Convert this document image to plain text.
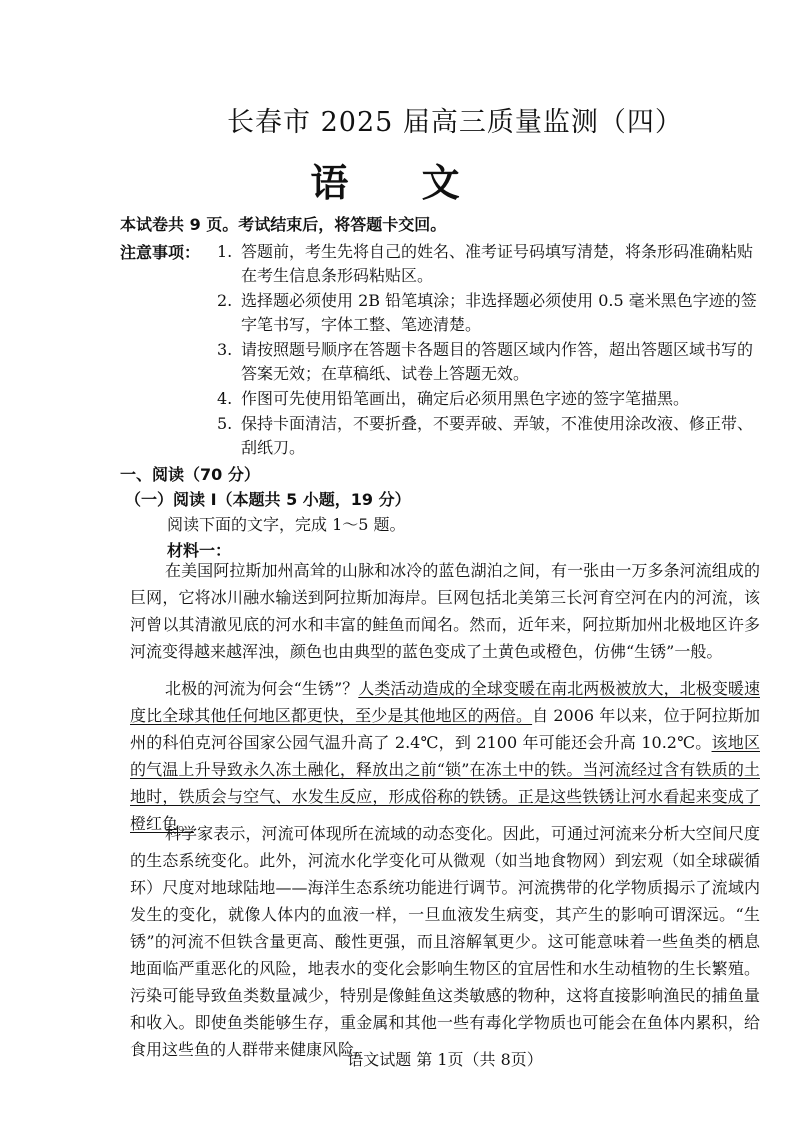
长春市 2025 届高三质量监测（四）
语 文
本试卷共 9 页。考试结束后，将答题卡交回。
注意事项： 1. 答题前，考生先将自己的姓名、准考证号码填写清楚，将条形码准确粘贴在考生信息条形码粘贴区。
2. 选择题必须使用 2B 铅笔填涂；非选择题必须使用 0.5 毫米黑色字迹的签字笔书写，字体工整、笔迹清楚。
3. 请按照题号顺序在答题卡各题目的答题区域内作答，超出答题区域书写的答案无效；在草稿纸、试卷上答题无效。
4. 作图可先使用铅笔画出，确定后必须用黑色字迹的签字笔描黑。
5. 保持卡面清洁，不要折叠，不要弄破、弄皱，不准使用涂改液、修正带、刮纸刀。
一、阅读（70 分）
（一）阅读 I（本题共 5 小题，19 分）
阅读下面的文字，完成 1～5 题。
材料一：
在美国阿拉斯加州高耸的山脉和冰冷的蓝色湖泊之间，有一张由一万多条河流组成的巨网，它将冰川融水输送到阿拉斯加海岸。巨网包括北美第三长河育空河在内的河流，该河曾以其清澈见底的河水和丰富的鲑鱼而闻名。然而，近年来，阿拉斯加州北极地区许多河流变得越来越浑浊，颜色也由典型的蓝色变成了土黄色或橙色，仿佛“生锈”一般。
北极的河流为何会“生锈”？人类活动造成的全球变暖在南北两极被放大，北极变暖速度比全球其他任何地区都更快，至少是其他地区的两倍。自 2006 年以来，位于阿拉斯加州的科伯克河谷国家公园气温升高了 2.4℃，到 2100 年可能还会升高 10.2℃。该地区的气温上升导致永久冻土融化，释放出之前“锁”在冻土中的铁。当河流经过含有铁质的土地时，铁质会与空气、水发生反应，形成俗称的铁锈。正是这些铁锈让河水看起来变成了橙红色。
科学家表示，河流可体现所在流域的动态变化。因此，可通过河流来分析大空间尺度的生态系统变化。此外，河流水化学变化可从微观（如当地食物网）到宏观（如全球碳循环）尺度对地球陆地——海洋生态系统功能进行调节。河流携带的化学物质揭示了流域内发生的变化，就像人体内的血液一样，一旦血液发生病变，其产生的影响可谓深远。“生锈”的河流不但铁含量更高、酸性更强，而且溶解氧更少。这可能意味着一些鱼类的栖息地面临严重恶化的风险，地表水的变化会影响生物区的宜居性和水生动植物的生长繁殖。污染可能导致鱼类数量减少，特别是像鲑鱼这类敏感的物种，这将直接影响渔民的捕鱼量和收入。即使鱼类能够生存，重金属和其他一些有毒化学物质也可能会在鱼体内累积，给食用这些鱼的人群带来健康风险。
语文试题 第 1页（共 8页）
